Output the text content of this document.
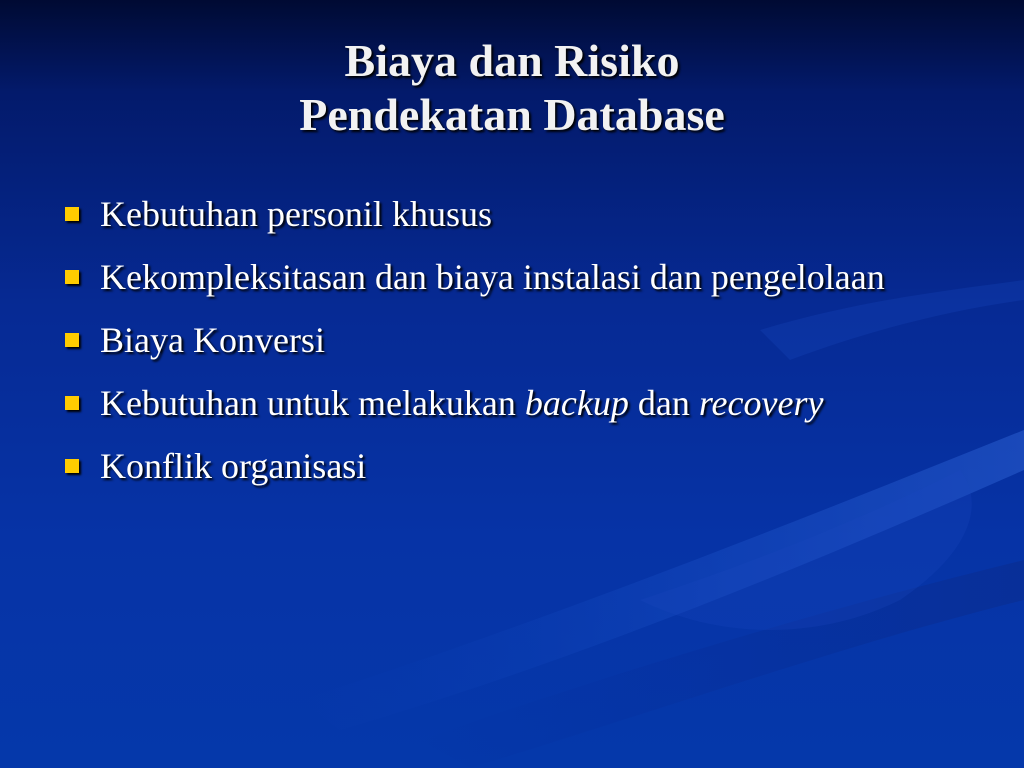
Biaya dan Risiko
Pendekatan Database
Kebutuhan personil khusus
Kekompleksitasan dan biaya instalasi dan pengelolaan
Biaya Konversi
Kebutuhan untuk melakukan backup dan recovery
Konflik organisasi
